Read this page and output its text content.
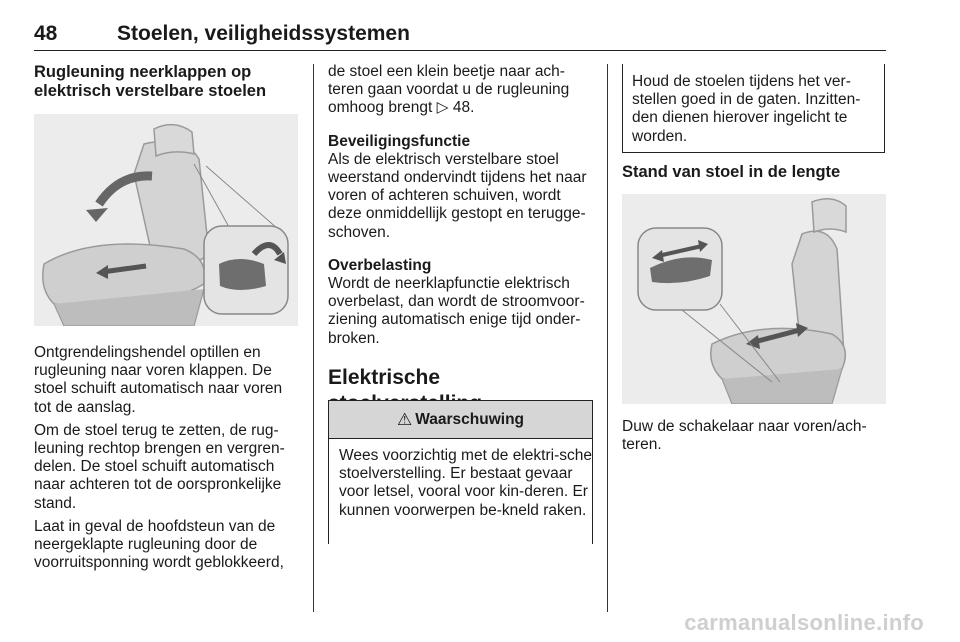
48	Stoelen, veiligheidssystemen
Rugleuning neerklappen op elektrisch verstelbare stoelen

Ontgrendelingshendel optillen en rugleuning naar voren klappen. De stoel schuift automatisch naar voren tot de aanslag.

Om de stoel terug te zetten, de rug-leuning rechtop brengen en vergren-delen. De stoel schuift automatisch naar achteren tot de oorspronkelijke stand.

Laat in geval de hoofdsteun van de neergeklapte rugleuning door de voorruitsponning wordt geblokkeerd,

de stoel een klein beetje naar ach-teren gaan voordat u de rugleuning omhoog brengt ▷ 48.

Beveiligingsfunctie

Als de elektrisch verstelbare stoel weerstand ondervindt tijdens het naar voren of achteren schuiven, wordt deze onmiddellijk gestopt en terugge-schoven.

Overbelasting

Wordt de neerklapfunctie elektrisch overbelast, dan wordt de stroomvoor-ziening automatisch enige tijd onder-broken.

Elektrische
⚠ Waarschuwing
Wees voorzichtig met de elektri-sche stoelverstelling. Er bestaat gevaar voor letsel, vooral voor kin-deren. Er kunnen voorwerpen be-kneld raken.

Houd de stoelen tijdens het ver-stellen goed in de gaten. Inzitten-den dienen hierover ingelicht te worden.

Stand van stoel in de lengte

Duw de schakelaar naar voren/ach-teren.

carmanualsonline.info
